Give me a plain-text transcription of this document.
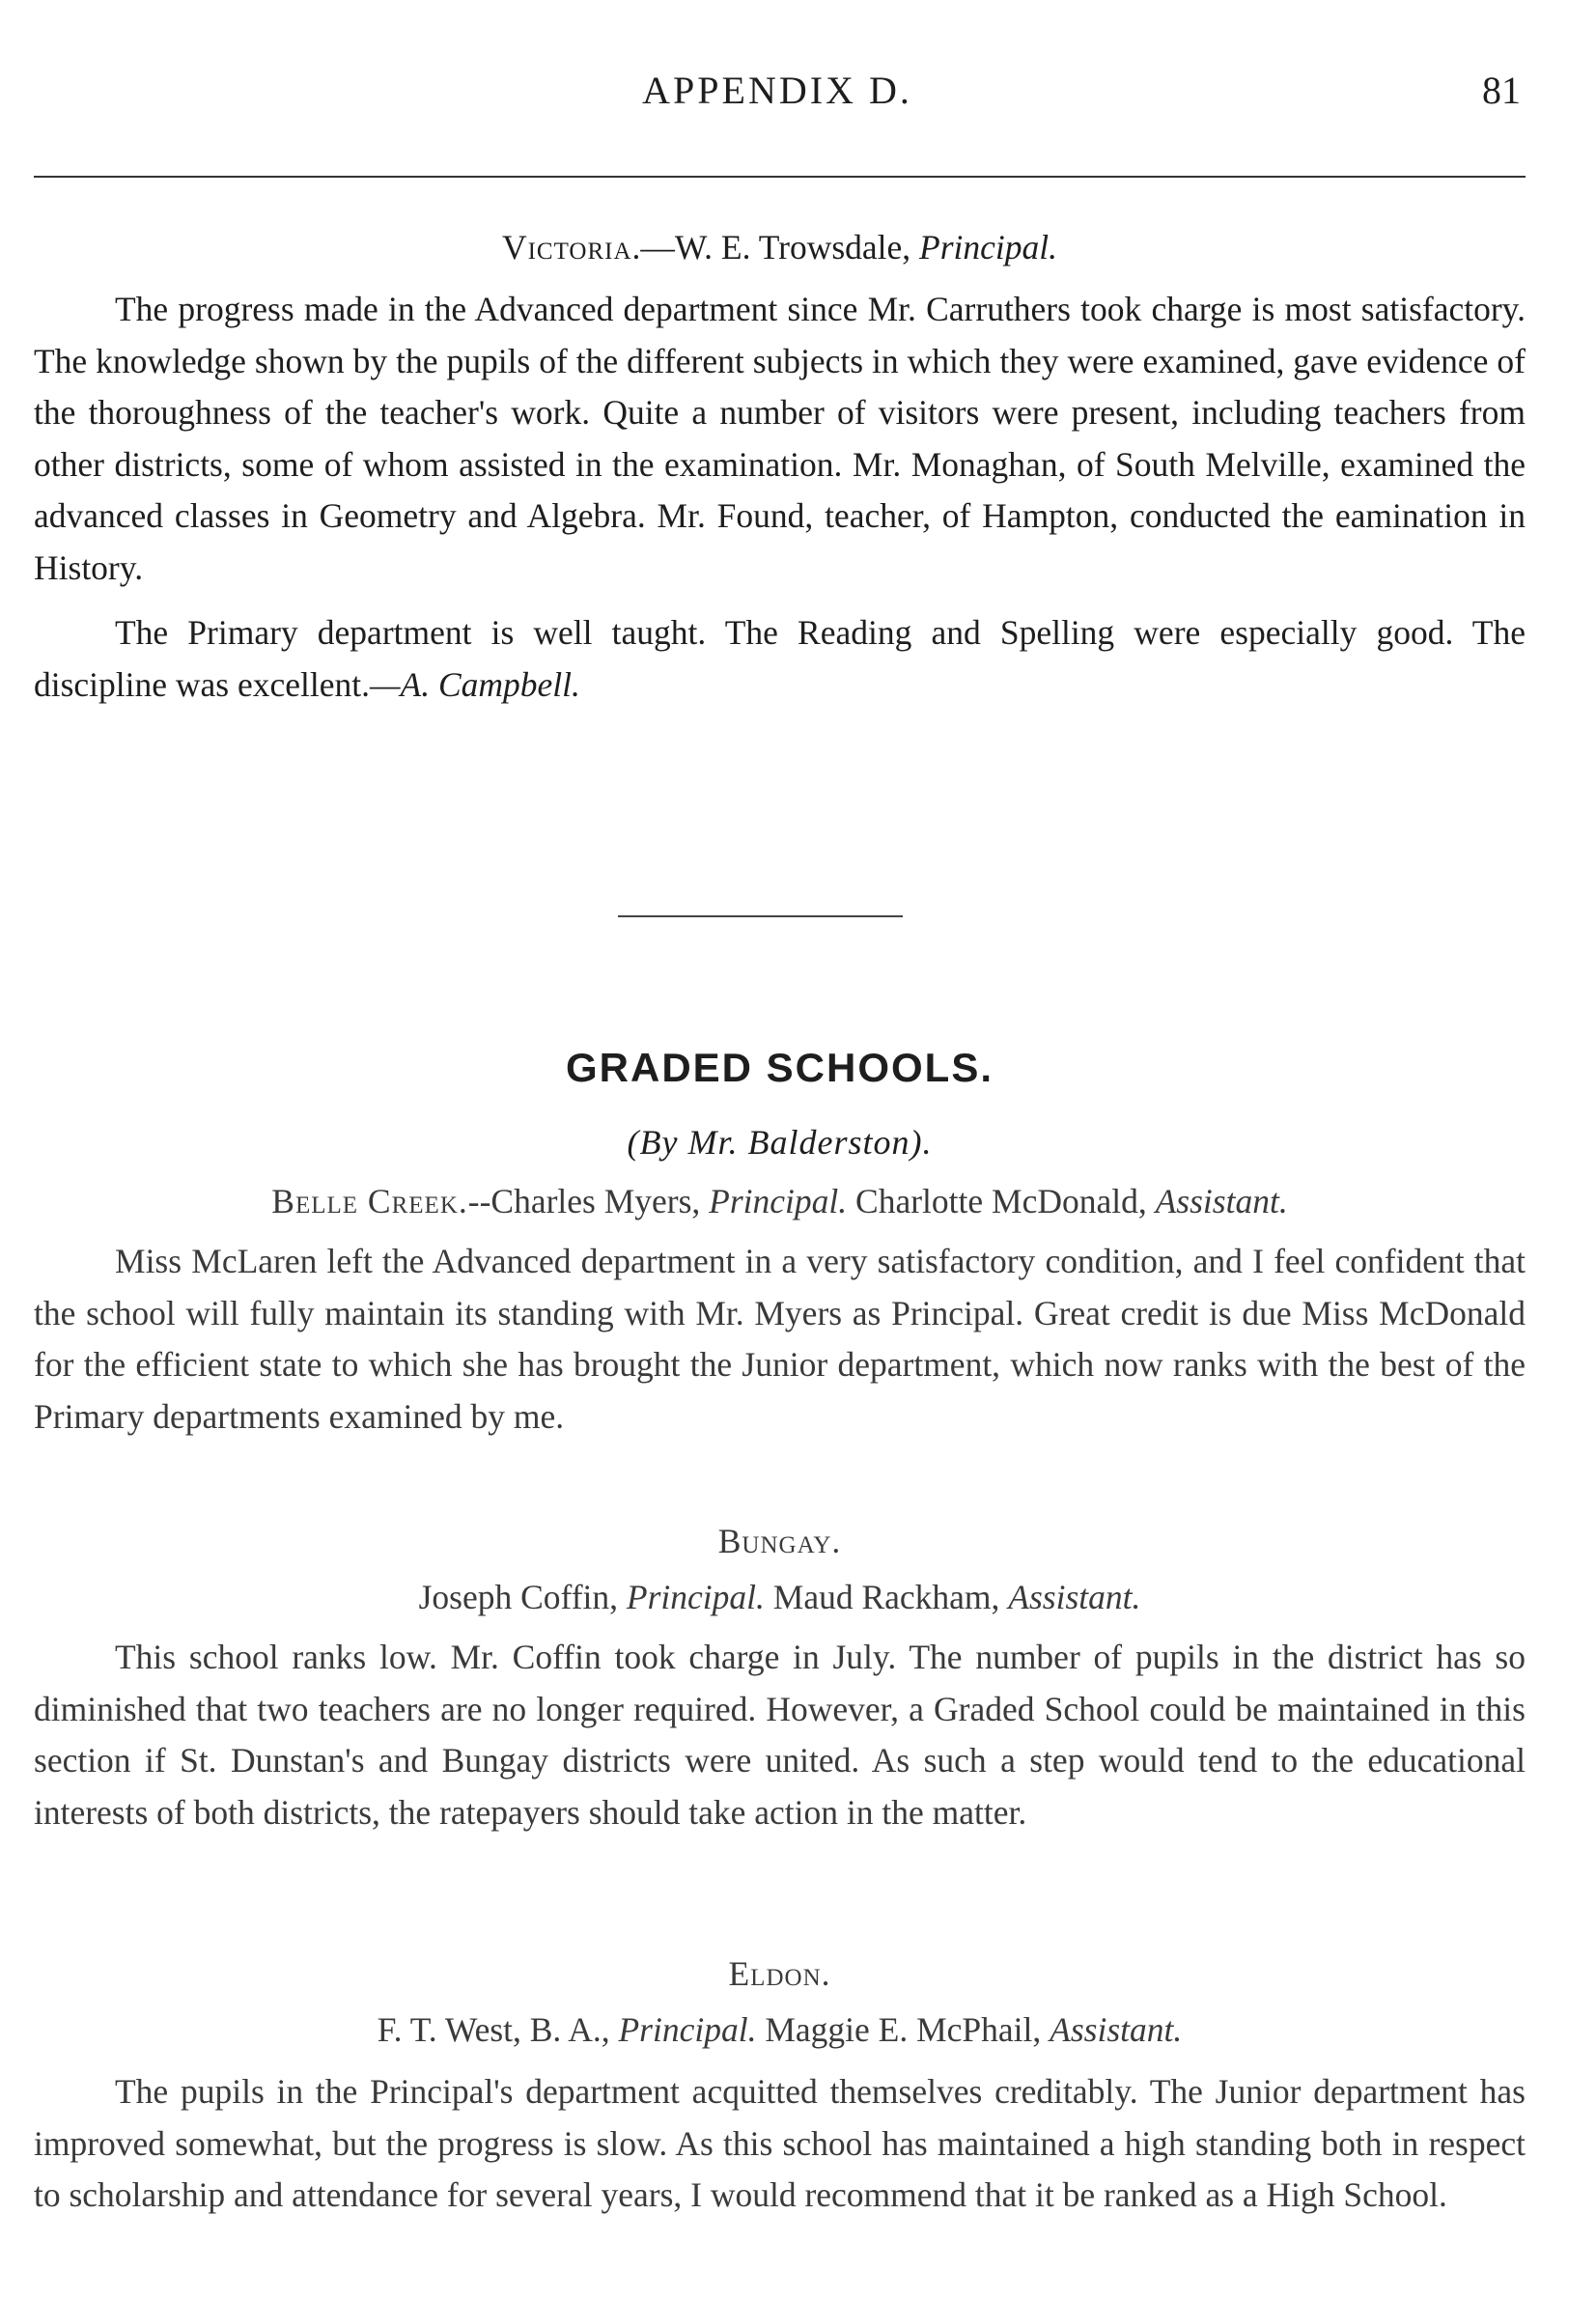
APPENDIX D.	81
Victoria.—W. E. Trowsdale, Principal.

The progress made in the Advanced department since Mr. Carruthers took charge is most satisfactory. The knowledge shown by the pupils of the different subjects in which they were examined, gave evidence of the thoroughness of the teacher's work. Quite a number of visitors were present, including teachers from other districts, some of whom assisted in the examination. Mr. Monaghan, of South Melville, examined the advanced classes in Geometry and Algebra. Mr. Found, teacher, of Hampton, conducted the eamination in History.

The Primary department is well taught. The Reading and Spelling were especially good. The discipline was excellent.—A. Campbell.

GRADED SCHOOLS.
(By Mr. Balderston).
Belle Creek.--Charles Myers, Principal. Charlotte McDonald, Assistant.

Miss McLaren left the Advanced department in a very satisfactory condition, and I feel confident that the school will fully maintain its standing with Mr. Myers as Principal. Great credit is due Miss McDonald for the efficient state to which she has brought the Junior department, which now ranks with the best of the Primary departments examined by me.

Bungay.
Joseph Coffin, Principal. Maud Rackham, Assistant.

This school ranks low. Mr. Coffin took charge in July. The number of pupils in the district has so diminished that two teachers are no longer required. However, a Graded School could be maintained in this section if St. Dunstan's and Bungay districts were united. As such a step would tend to the educational interests of both districts, the ratepayers should take action in the matter.

Eldon.
F. T. West, B. A., Principal. Maggie E. McPhail, Assistant.

The pupils in the Principal's department acquitted themselves creditably. The Junior department has improved somewhat, but the progress is slow. As this school has maintained a high standing both in respect to scholarship and attendance for several years, I would recommend that it be ranked as a High School.
